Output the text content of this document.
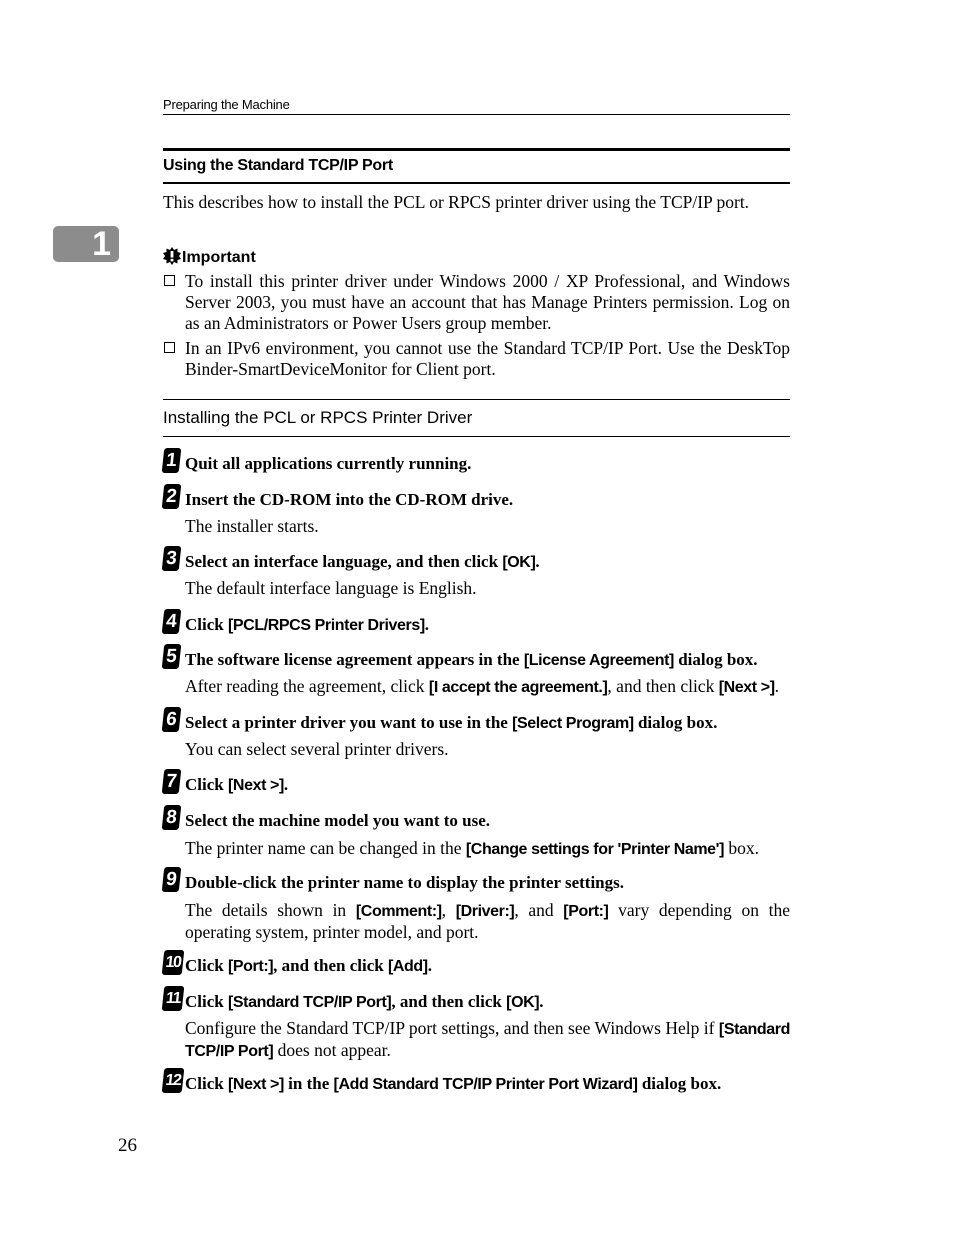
Preparing the Machine
1
Using the Standard TCP/IP Port
This describes how to install the PCL or RPCS printer driver using the TCP/IP port.
Important
To install this printer driver under Windows 2000 / XP Professional, and Windows Server 2003, you must have an account that has Manage Printers permission. Log on as an Administrators or Power Users group member.
In an IPv6 environment, you cannot use the Standard TCP/IP Port. Use the DeskTop Binder-SmartDeviceMonitor for Client port.
Installing the PCL or RPCS Printer Driver
1 Quit all applications currently running.
2 Insert the CD-ROM into the CD-ROM drive.
The installer starts.
3 Select an interface language, and then click [OK].
The default interface language is English.
4 Click [PCL/RPCS Printer Drivers].
5 The software license agreement appears in the [License Agreement] dialog box.
After reading the agreement, click [I accept the agreement.], and then click [Next >].
6 Select a printer driver you want to use in the [Select Program] dialog box.
You can select several printer drivers.
7 Click [Next >].
8 Select the machine model you want to use.
The printer name can be changed in the [Change settings for 'Printer Name'] box.
9 Double-click the printer name to display the printer settings.
The details shown in [Comment:], [Driver:], and [Port:] vary depending on the operating system, printer model, and port.
10 Click [Port:], and then click [Add].
11 Click [Standard TCP/IP Port], and then click [OK].
Configure the Standard TCP/IP port settings, and then see Windows Help if [Standard TCP/IP Port] does not appear.
12 Click [Next >] in the [Add Standard TCP/IP Printer Port Wizard] dialog box.
26
